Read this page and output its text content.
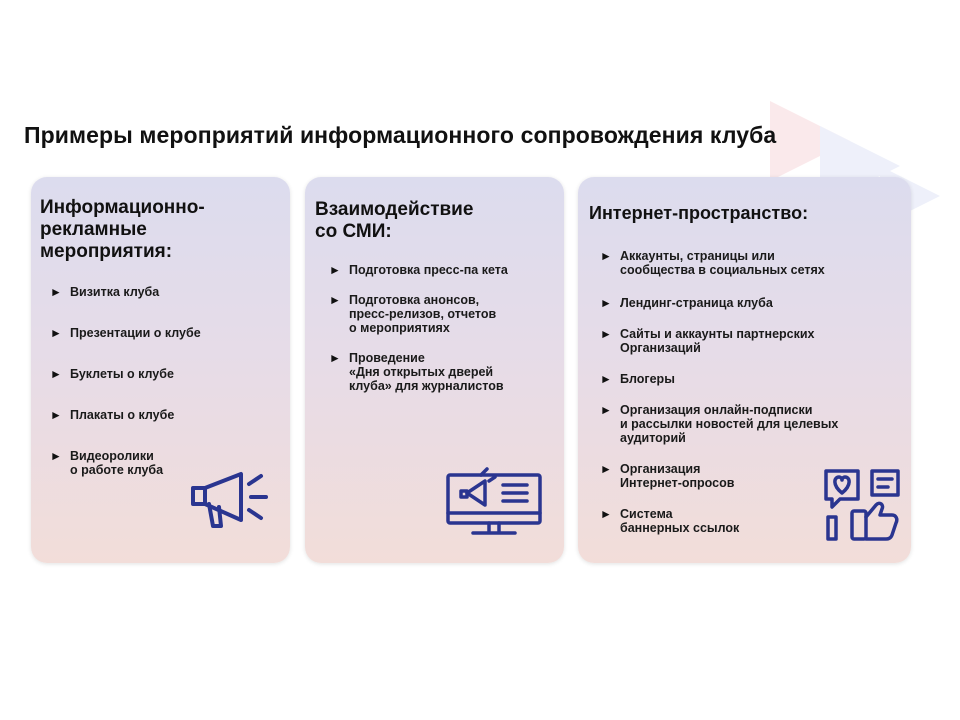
Примеры мероприятий информационного сопровождения клуба
Информационно-
рекламные
мероприятия:
► Визитка клуба
► Презентации о клубе
► Буклеты о клубе
► Плакаты о клубе
► Видеоролики
о работе клуба
Взаимодействие
со СМИ:
► Подготовка пресс-па кета
► Подготовка анонсов,
пресс-релизов, отчетов
о мероприятиях
► Проведение
«Дня открытых дверей
клуба» для журналистов
Интернет-пространство:
► Аккаунты, страницы или
сообщества в социальных сетях
► Лендинг-страница клуба
► Сайты и аккаунты партнерских
Организаций
► Блогеры
► Организация онлайн-подписки
и рассылки новостей для целевых
аудиторий
► Организация
Интернет-опросов
► Система
баннерных ссылок
